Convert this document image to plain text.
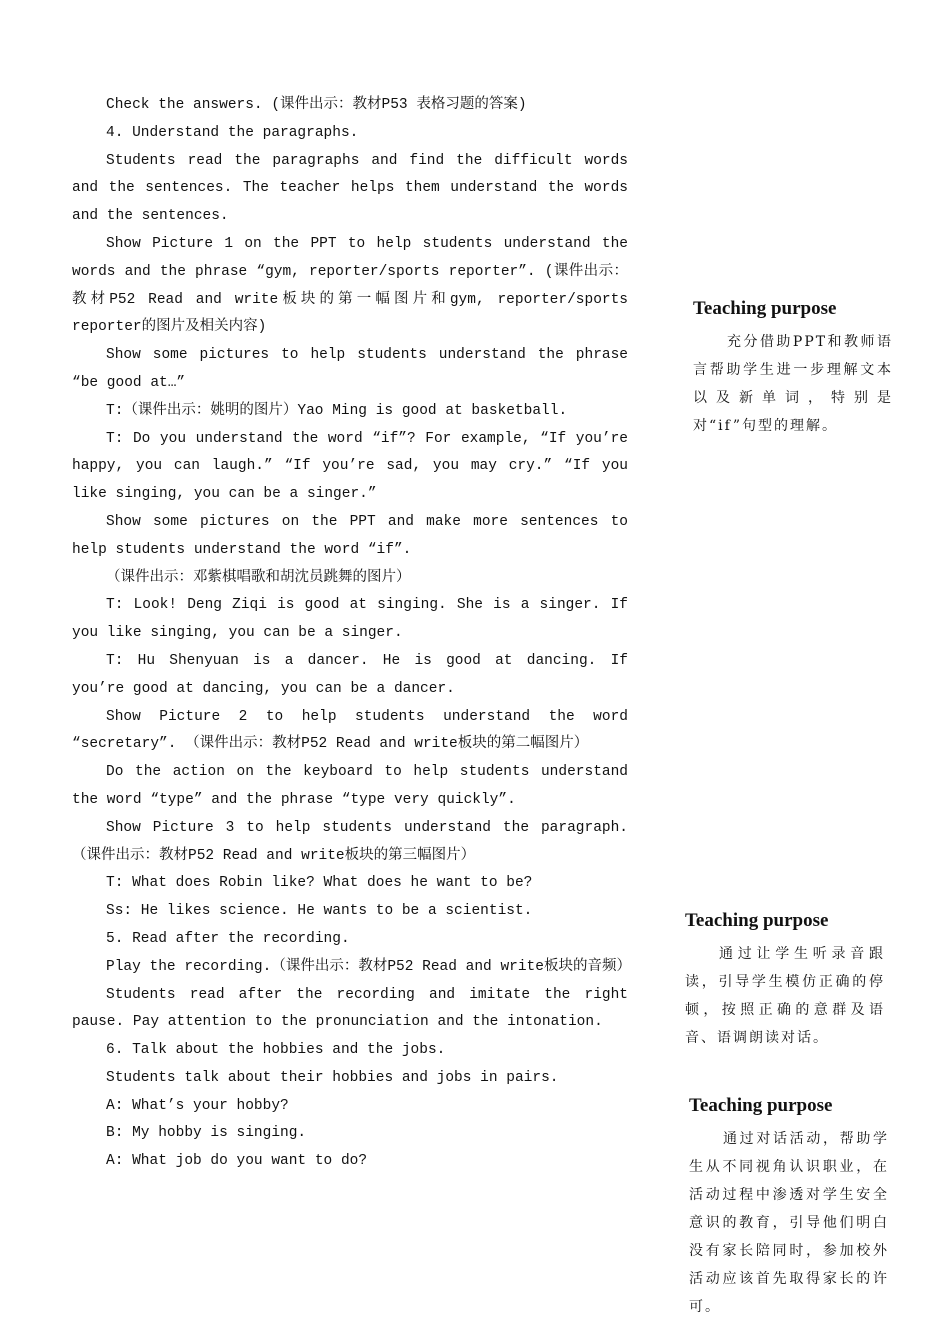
Check the answers. (课件出示：教材P53 表格习题的答案)

4. Understand the paragraphs.

Students read the paragraphs and find the difficult words and the sentences. The teacher helps them understand the words and the sentences.

Show Picture 1 on the PPT to help students understand the words and the phrase “gym, reporter/sports reporter”. (课件出示：教材P52 Read and write板块的第一幅图片和gym, reporter/sports reporter的图片及相关内容)

Show some pictures to help students understand the phrase “be good at…”

T:（课件出示：姚明的图片）Yao Ming is good at basketball.

T: Do you understand the word “if”? For example, “If you’re happy, you can laugh.” “If you’re sad, you may cry.” “If you like singing, you can be a singer.”

Show some pictures on the PPT and make more sentences to help students understand the word “if”.

（课件出示：邓紫棋唱歌和胡沈员跳舞的图片）

T: Look! Deng Ziqi is good at singing. She is a singer. If you like singing, you can be a singer.

T: Hu Shenyuan is a dancer. He is good at dancing. If you’re good at dancing, you can be a dancer.

Show Picture 2 to help students understand the word “secretary”. （课件出示：教材P52 Read and write板块的第二幅图片）

Do the action on the keyboard to help students understand the word “type” and the phrase “type very quickly”.

Show Picture 3 to help students understand the paragraph. （课件出示：教材P52 Read and write板块的第三幅图片）

T: What does Robin like? What does he want to be?

Ss: He likes science. He wants to be a scientist.

5. Read after the recording.

Play the recording.（课件出示：教材P52 Read and write板块的音频）

Students read after the recording and imitate the right pause. Pay attention to the pronunciation and the intonation.

6. Talk about the hobbies and the jobs.

Students talk about their hobbies and jobs in pairs.

A: What’s your hobby?

B: My hobby is singing.

A: What job do you want to do?

Teaching purpose

充分借助PPT和教师语言帮助学生进一步理解文本以及新单词，特别是对“if”句型的理解。

Teaching purpose

通过让学生听录音跟读，引导学生模仿正确的停顿，按照正确的意群及语音、语调朗读对话。

Teaching purpose

通过对话活动，帮助学生从不同视角认识职业，在活动过程中渗透对学生安全意识的教育，引导他们明白没有家长陪同时，参加校外活动应该首先取得家长的许可。
